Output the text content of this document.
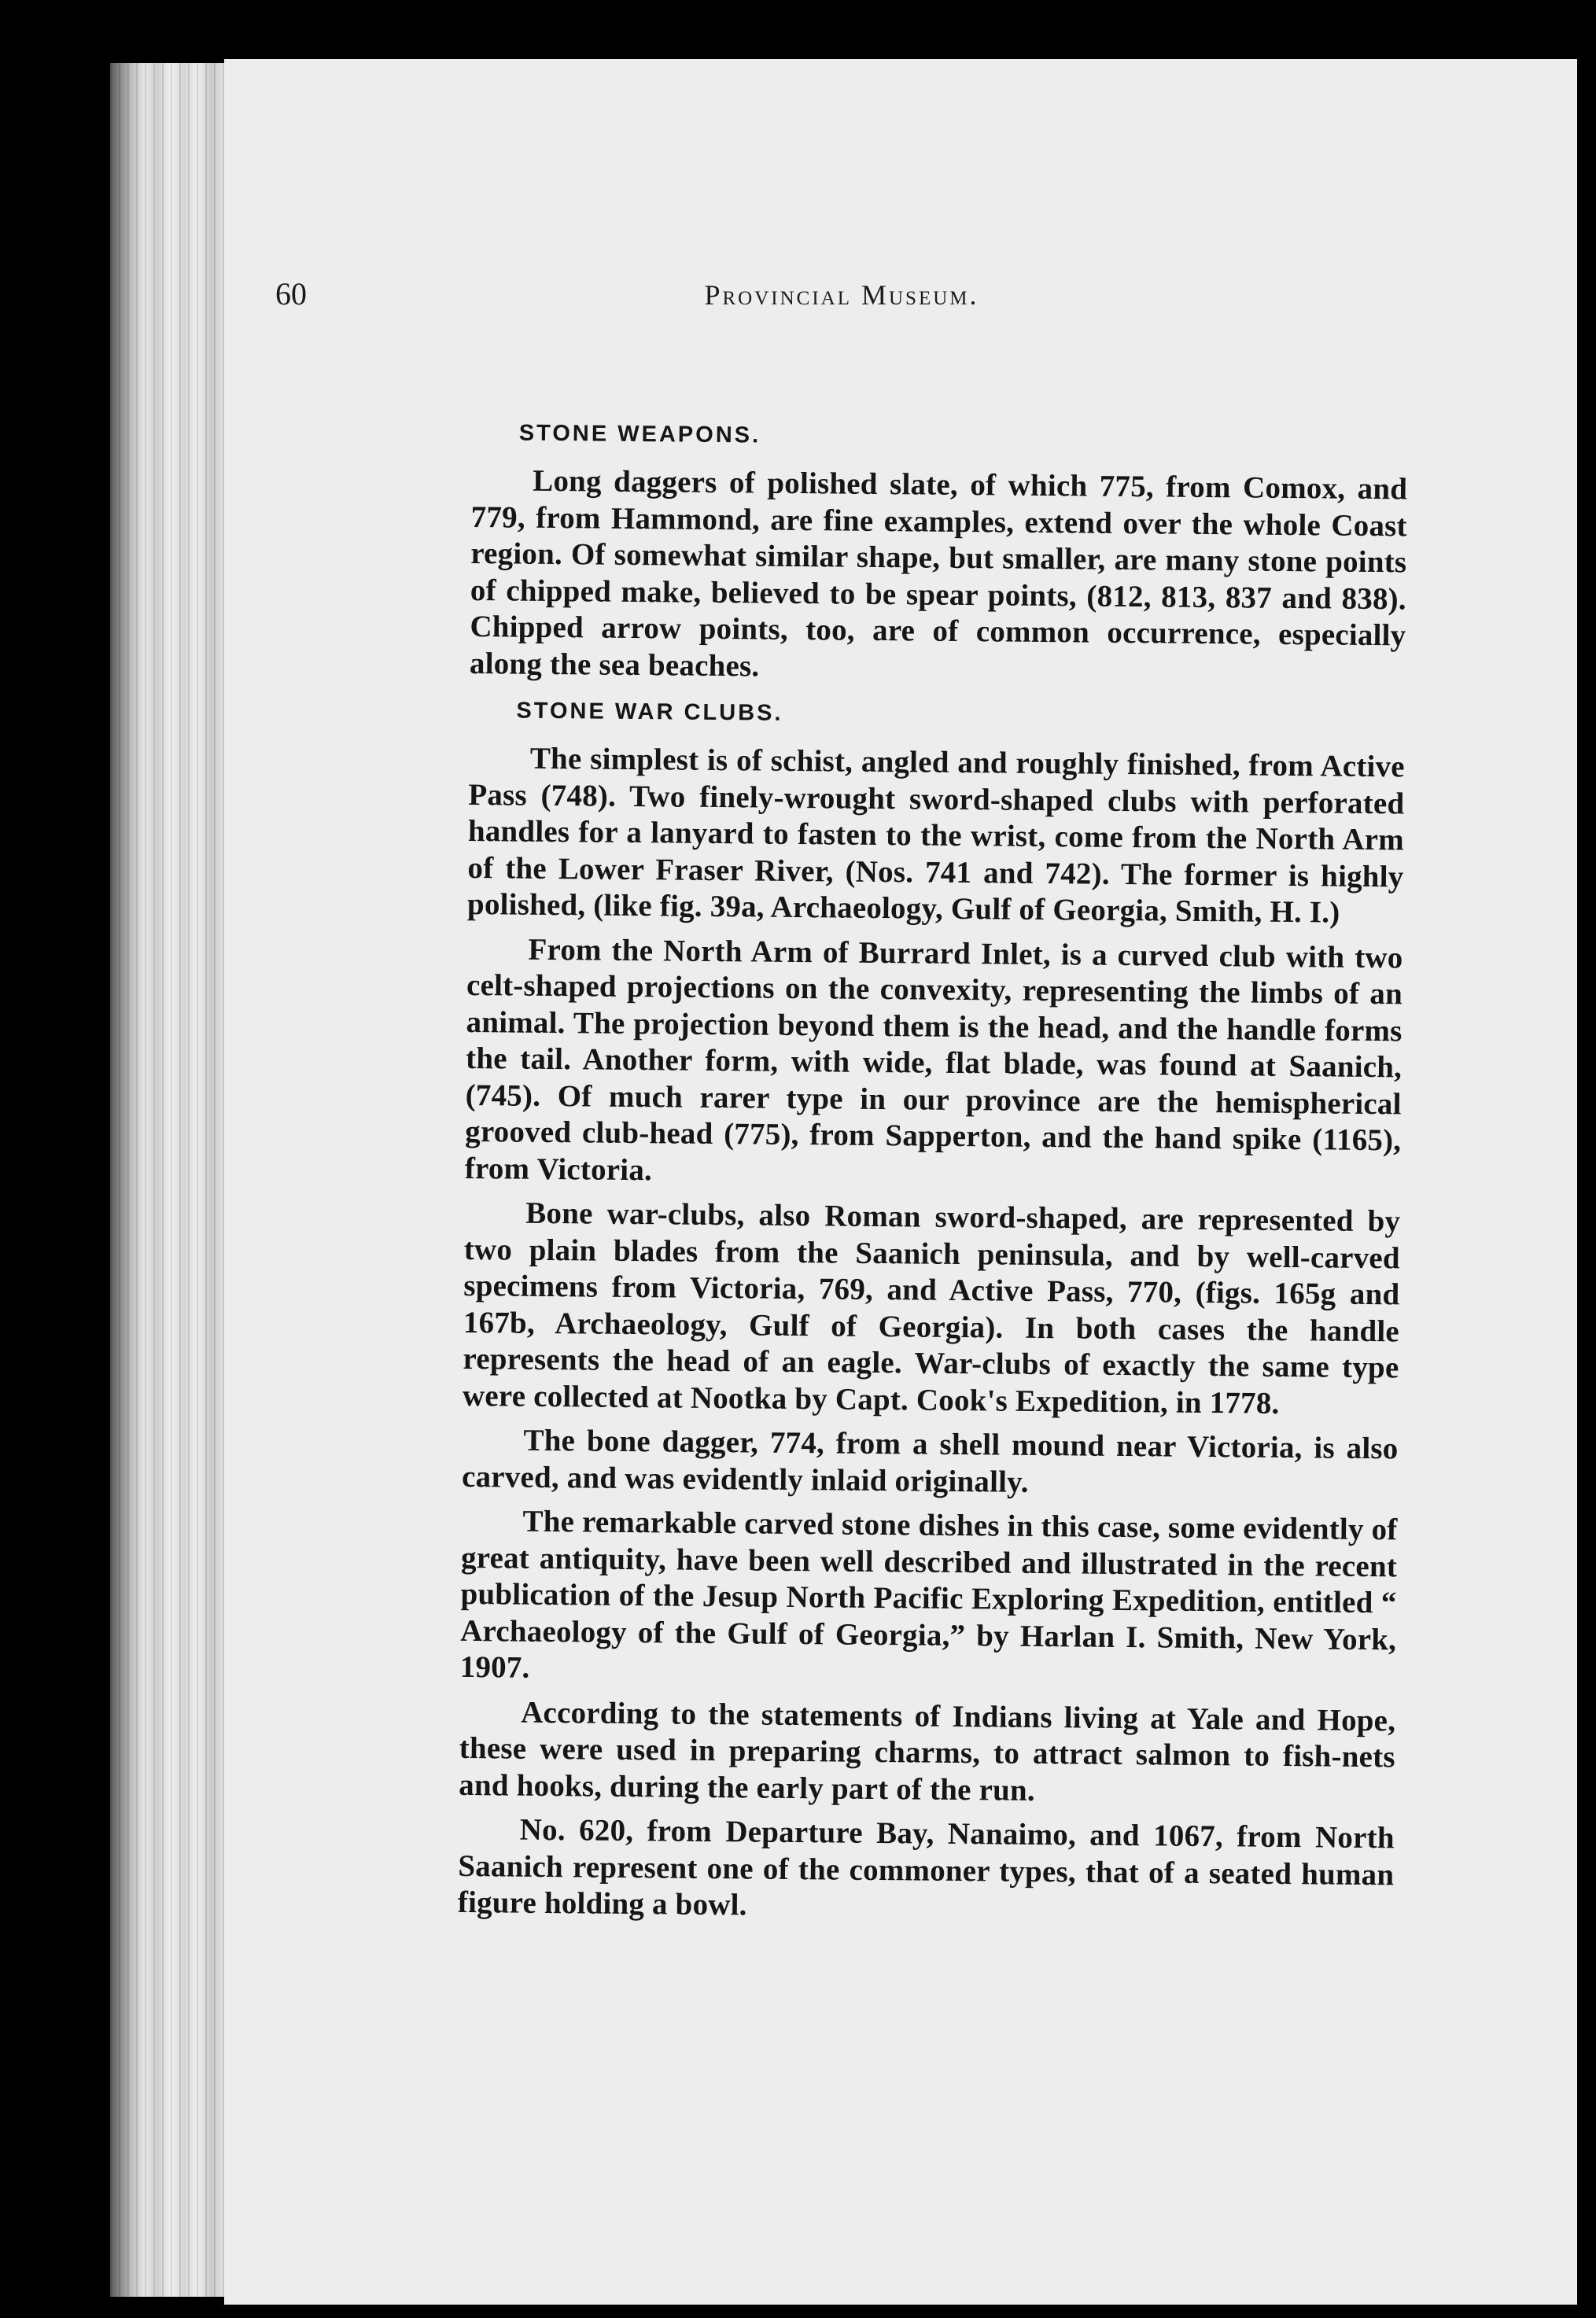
60	Provincial Museum.
STONE WEAPONS.

Long daggers of polished slate, of which 775, from Comox, and 779, from Hammond, are fine examples, extend over the whole Coast region. Of somewhat similar shape, but smaller, are many stone points of chipped make, believed to be spear points, (812, 813, 837 and 838). Chipped arrow points, too, are of common occurrence, especially along the sea beaches.

STONE WAR CLUBS.

The simplest is of schist, angled and roughly finished, from Active Pass (748). Two finely-wrought sword-shaped clubs with perforated handles for a lanyard to fasten to the wrist, come from the North Arm of the Lower Fraser River, (Nos. 741 and 742). The former is highly polished, (like fig. 39a, Archaeology, Gulf of Georgia, Smith, H. I.)

From the North Arm of Burrard Inlet, is a curved club with two celt-shaped projections on the convexity, representing the limbs of an animal. The projection beyond them is the head, and the handle forms the tail. Another form, with wide, flat blade, was found at Saanich, (745). Of much rarer type in our province are the hemispherical grooved club-head (775), from Sapperton, and the hand spike (1165), from Victoria.

Bone war-clubs, also Roman sword-shaped, are represented by two plain blades from the Saanich peninsula, and by well-carved specimens from Victoria, 769, and Active Pass, 770, (figs. 165g and 167b, Archaeology, Gulf of Georgia). In both cases the handle represents the head of an eagle. War-clubs of exactly the same type were collected at Nootka by Capt. Cook's Expedition, in 1778.

The bone dagger, 774, from a shell mound near Victoria, is also carved, and was evidently inlaid originally.

The remarkable carved stone dishes in this case, some evidently of great antiquity, have been well described and illustrated in the recent publication of the Jesup North Pacific Exploring Expedition, entitled “ Archaeology of the Gulf of Georgia,” by Harlan I. Smith, New York, 1907.

According to the statements of Indians living at Yale and Hope, these were used in preparing charms, to attract salmon to fish-nets and hooks, during the early part of the run.

No. 620, from Departure Bay, Nanaimo, and 1067, from North Saanich represent one of the commoner types, that of a seated human figure holding a bowl.
